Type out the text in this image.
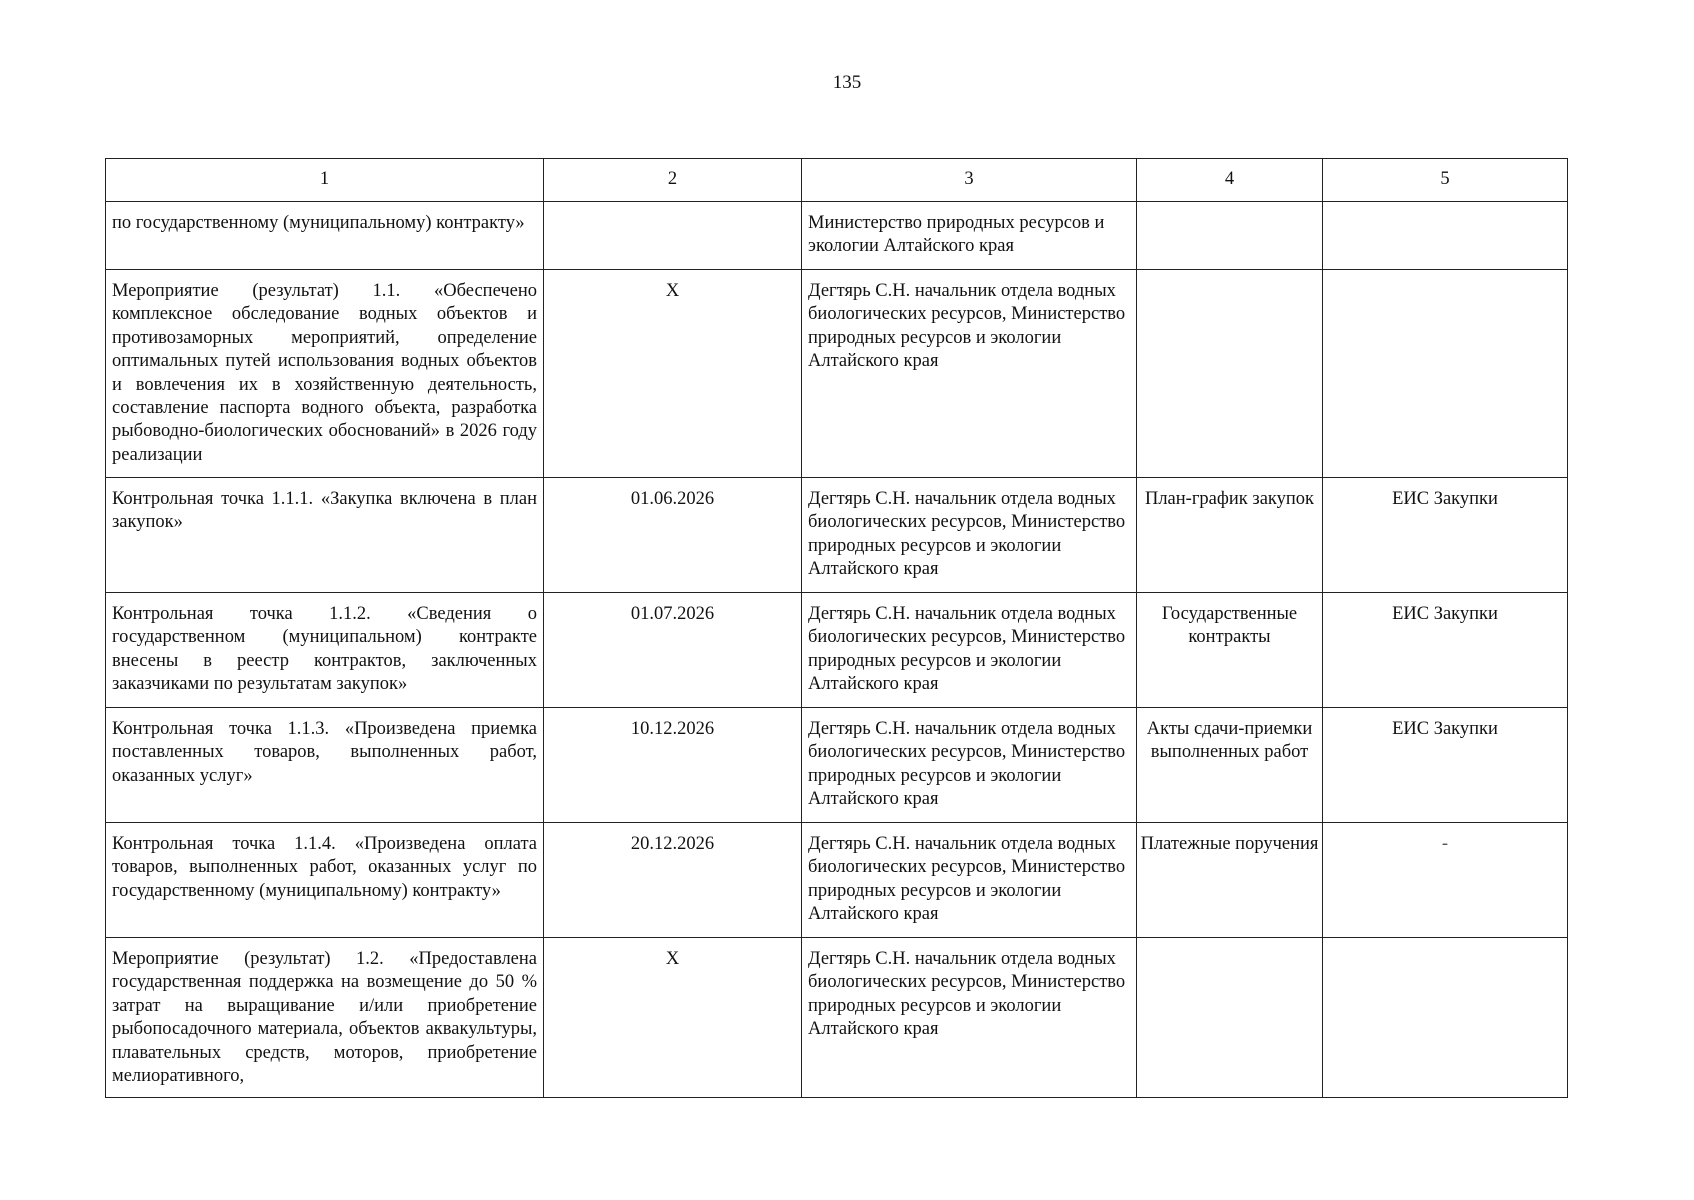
135
1	2	3	4	5
по государственному (муниципальному) контракту»		Министерство природных ресурсов и экологии Алтайского края		
Мероприятие (результат) 1.1. «Обеспечено комплексное обследование водных объектов и противозаморных мероприятий, определение оптимальных путей использования водных объектов и вовлечения их в хозяйственную деятельность, составление паспорта водного объекта, разработка рыбоводно-биологических обоснований» в 2026 году реализации	X	Дегтярь С.Н. начальник отдела водных биологических ресурсов, Министерство природных ресурсов и экологии Алтайского края		
Контрольная точка 1.1.1. «Закупка включена в план закупок»	01.06.2026	Дегтярь С.Н. начальник отдела водных биологических ресурсов, Министерство природных ресурсов и экологии Алтайского края	План-график закупок	ЕИС Закупки
Контрольная точка 1.1.2. «Сведения о государственном (муниципальном) контракте внесены в реестр контрактов, заключенных заказчиками по результатам закупок»	01.07.2026	Дегтярь С.Н. начальник отдела водных биологических ресурсов, Министерство природных ресурсов и экологии Алтайского края	Государственные контракты	ЕИС Закупки
Контрольная точка 1.1.3. «Произведена приемка поставленных товаров, выполненных работ, оказанных услуг»	10.12.2026	Дегтярь С.Н. начальник отдела водных биологических ресурсов, Министерство природных ресурсов и экологии Алтайского края	Акты сдачи-приемки выполненных работ	ЕИС Закупки
Контрольная точка 1.1.4. «Произведена оплата товаров, выполненных работ, оказанных услуг по государственному (муниципальному) контракту»	20.12.2026	Дегтярь С.Н. начальник отдела водных биологических ресурсов, Министерство природных ресурсов и экологии Алтайского края	Платежные поручения	-
Мероприятие (результат) 1.2. «Предоставлена государственная поддержка на возмещение до 50 % затрат на выращивание и/или приобретение рыбопосадочного материала, объектов аквакультуры, плавательных средств, моторов, приобретение мелиоративного,	X	Дегтярь С.Н. начальник отдела водных биологических ресурсов, Министерство природных ресурсов и экологии Алтайского края		
